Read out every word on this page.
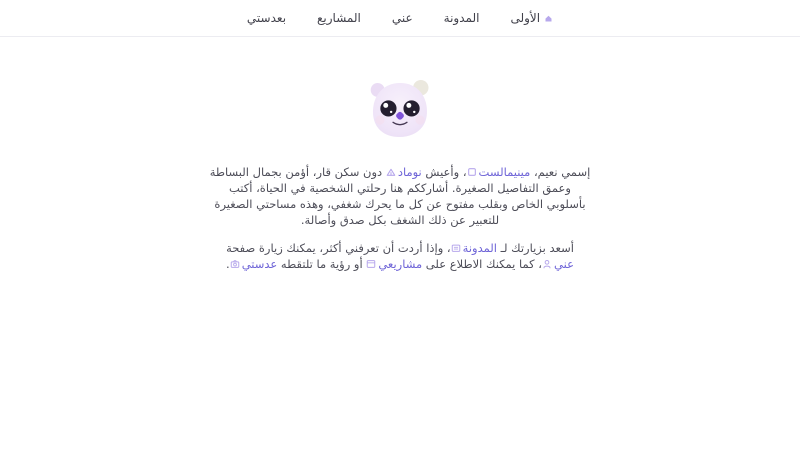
الأولى
المدونة
عني
المشاريع
بعدستي

إسمي نعيم، مينيمالست، وأعيش نوماد دون سكن قار، أؤمن بجمال البساطة وعمق التفاصيل الصغيرة. أشارككم هنا رحلتي الشخصية في الحياة، أكتب بأسلوبي الخاص وبقلب مفتوح عن كل ما يحرك شغفي، وهذه مساحتي الصغيرة للتعبير عن ذلك الشغف بكل صدق وأصالة.

أسعد بزيارتك لـ المدونة، وإذا أردت أن تعرفني أكثر، يمكنك زيارة صفحة عني، كما يمكنك الاطلاع على مشاريعي أو رؤية ما تلتقطه عدستي.
